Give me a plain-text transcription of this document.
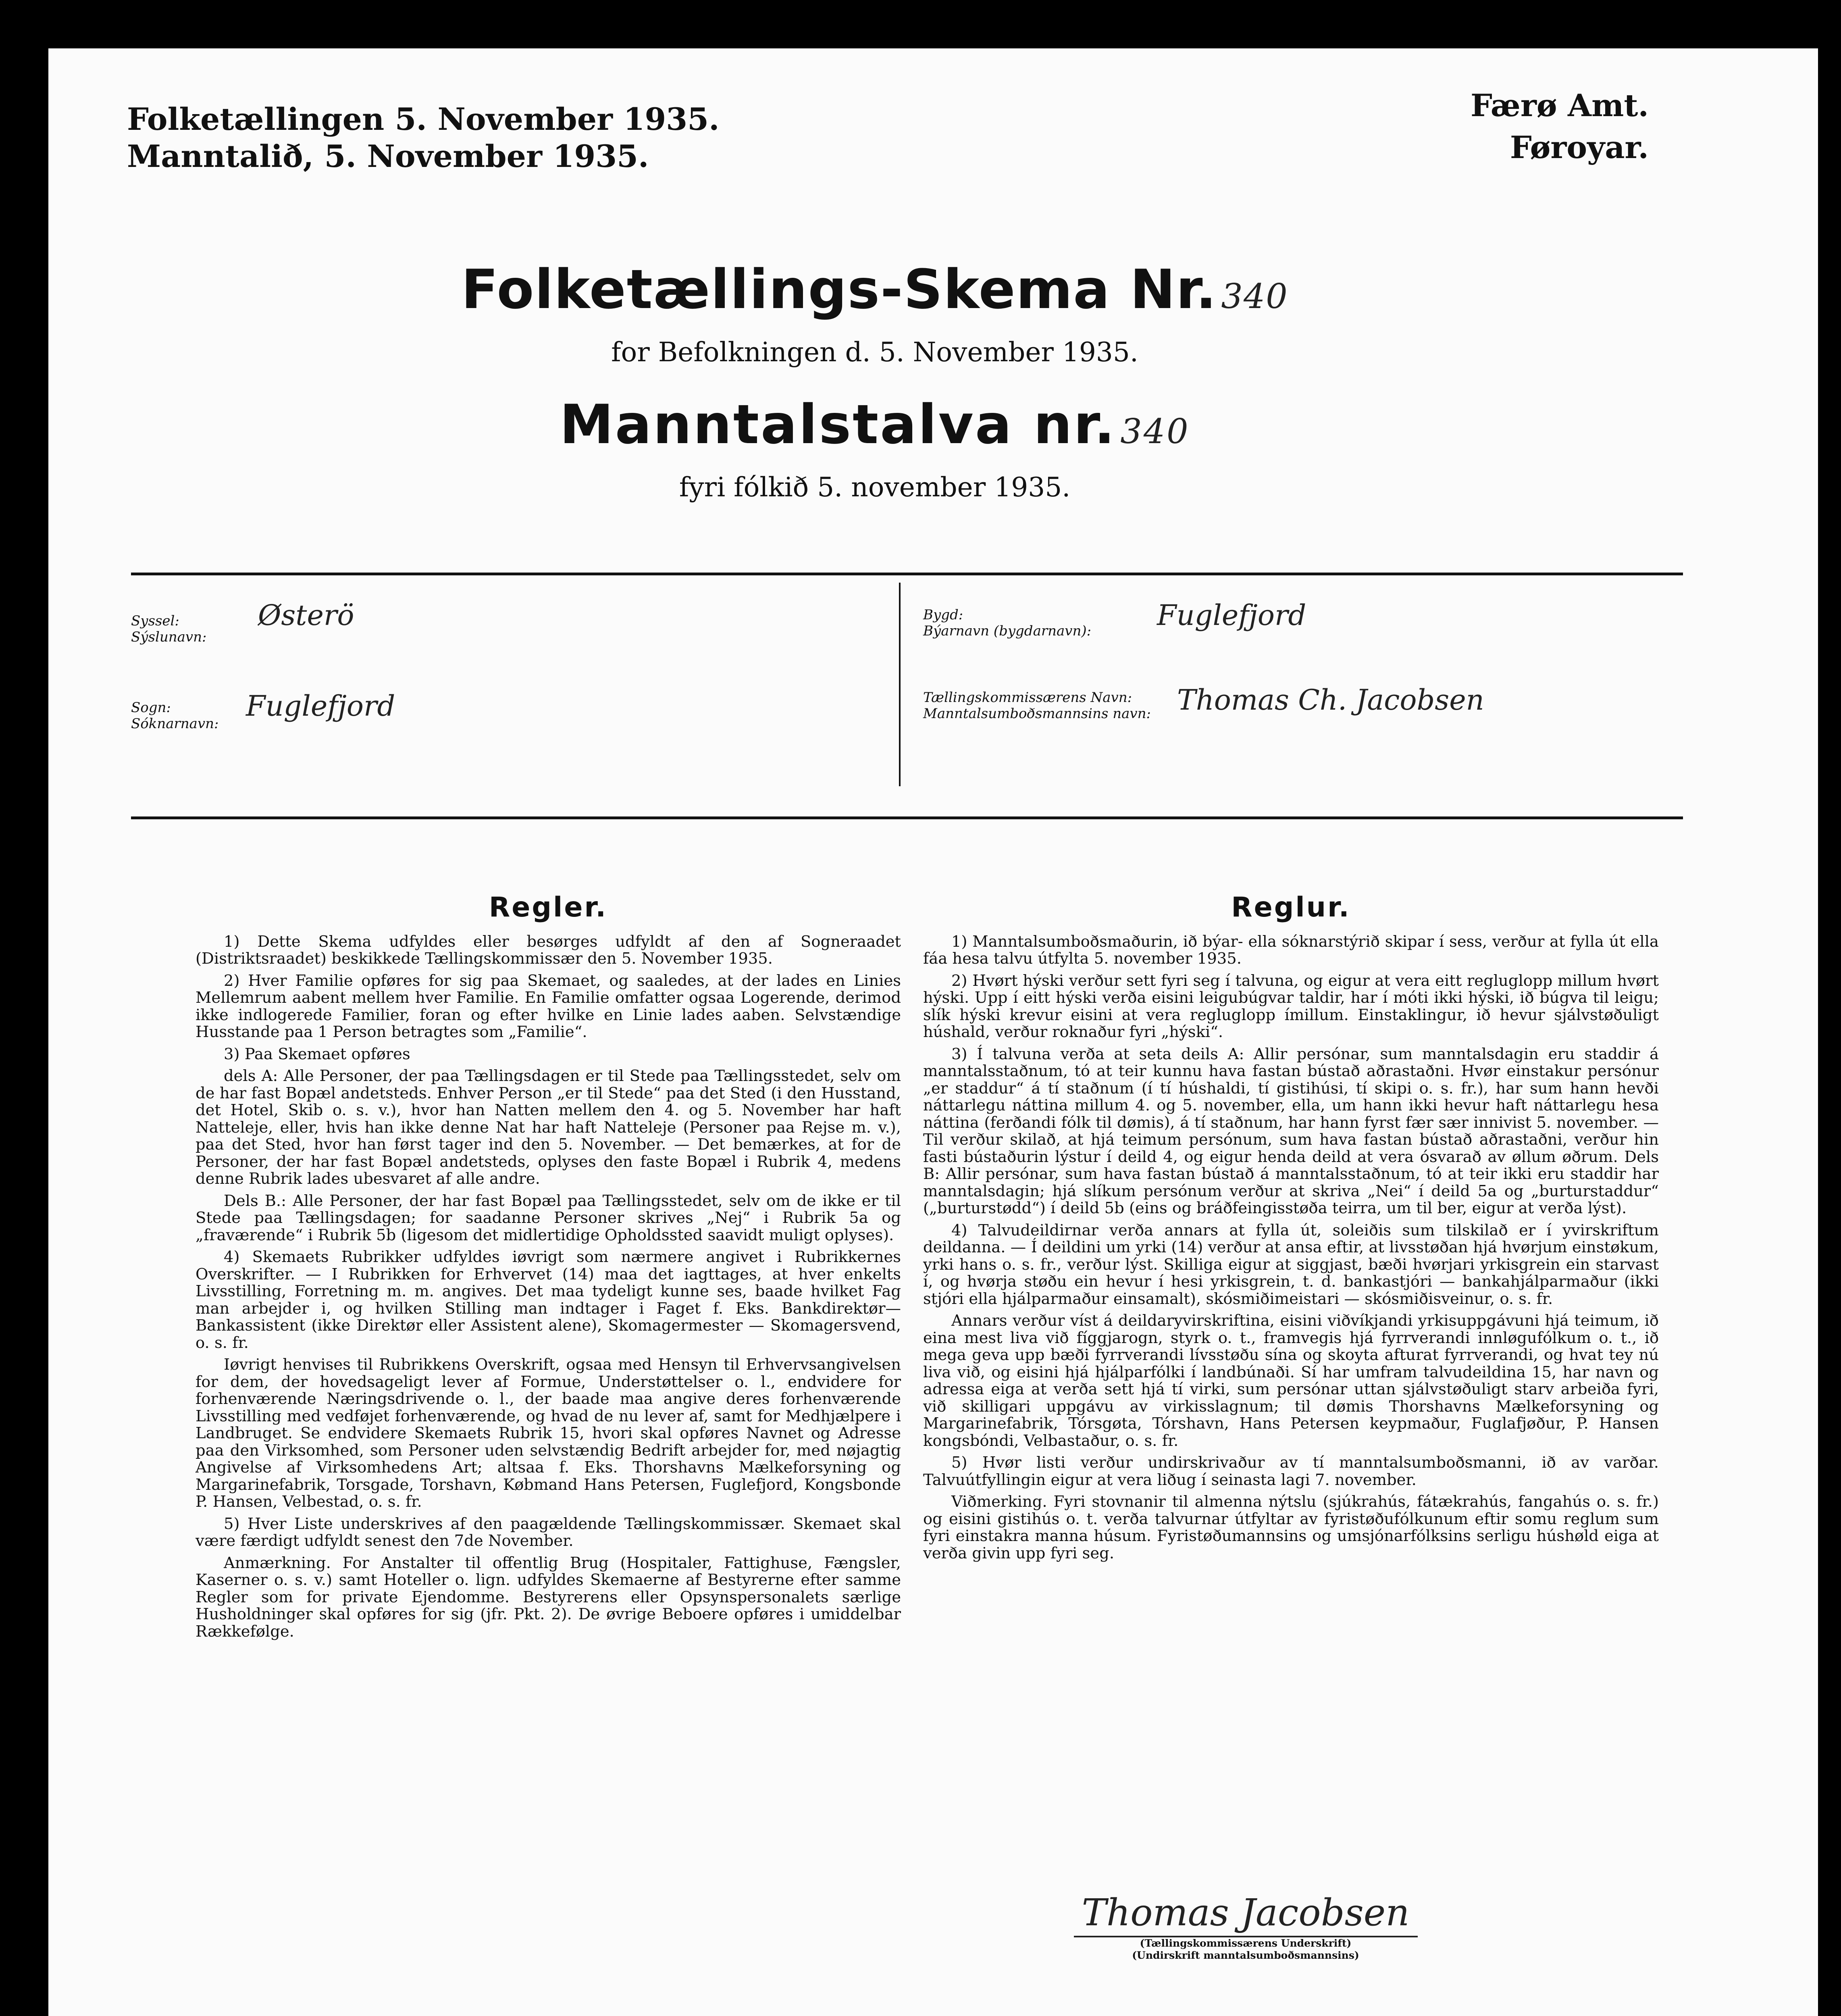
Folketællingen 5. November 1935.
Manntalið, 5. November 1935.
Færø Amt.
Føroyar.
Folketællings-Skema Nr. 340
for Befolkningen d. 5. November 1935.
Manntalstalva nr. 340
fyri fólkið 5. november 1935.
Syssel:
Sýslunavn:
Østerö
Sogn:
Sóknarnavn:
Fuglefjord
Bygd:
Býarnavn (bygdarnavn): Fuglefjord
Tællingskommissærens Navn:
Manntalsumboðsmannsins navn: Thomas Ch. Jacobsen
Regler.

1) Dette Skema udfyldes eller besørges udfyldt af den af Sogneraadet (Distriktsraadet) beskikkede Tællingskommissær den 5. November 1935.

2) Hver Familie opføres for sig paa Skemaet, og saaledes, at der lades en Linies Mellemrum aabent mellem hver Familie. En Familie omfatter ogsaa Logerende, derimod ikke indlogerede Familier, foran og efter hvilke en Linie lades aaben. Selvstændige Husstande paa 1 Person betragtes som „Familie“.

3) Paa Skemaet opføres

dels A: Alle Personer, der paa Tællingsdagen er til Stede paa Tællingsstedet, selv om de har fast Bopæl andetsteds. Enhver Person „er til Stede“ paa det Sted (i den Husstand, det Hotel, Skib o. s. v.), hvor han Natten mellem den 4. og 5. November har haft Natteleje, eller, hvis han ikke denne Nat har haft Natteleje (Personer paa Rejse m. v.), paa det Sted, hvor han først tager ind den 5. November. — Det bemærkes, at for de Personer, der har fast Bopæl andetsteds, oplyses den faste Bopæl i Rubrik 4, medens denne Rubrik lades ubesvaret af alle andre.

Dels B.: Alle Personer, der har fast Bopæl paa Tællingsstedet, selv om de ikke er til Stede paa Tællingsdagen; for saadanne Personer skrives „Nej“ i Rubrik 5a og „fraværende“ i Rubrik 5b (ligesom det midlertidige Opholdssted saavidt muligt oplyses).

4) Skemaets Rubrikker udfyldes iøvrigt som nærmere angivet i Rubrikkernes Overskrifter. — I Rubrikken for Erhvervet (14) maa det iagttages, at hver enkelts Livsstilling, Forretning m. m. angives. Det maa tydeligt kunne ses, baade hvilket Fag man arbejder i, og hvilken Stilling man indtager i Faget f. Eks. Bankdirektør—Bankassistent (ikke Direktør eller Assistent alene), Skomagermester — Skomagersvend, o. s. fr.

Iøvrigt henvises til Rubrikkens Overskrift, ogsaa med Hensyn til Erhvervsangivelsen for dem, der hovedsageligt lever af Formue, Understøttelser o. l., endvidere for forhenværende Næringsdrivende o. l., der baade maa angive deres forhenværende Livsstilling med vedføjet forhenværende, og hvad de nu lever af, samt for Medhjælpere i Landbruget. Se endvidere Skemaets Rubrik 15, hvori skal opføres Navnet og Adresse paa den Virksomhed, som Personer uden selvstændig Bedrift arbejder for, med nøjagtig Angivelse af Virksomhedens Art; altsaa f. Eks. Thorshavns Mælkeforsyning og Margarinefabrik, Torsgade, Torshavn, Købmand Hans Petersen, Fuglefjord, Kongsbonde P. Hansen, Velbestad, o. s. fr.

5) Hver Liste underskrives af den paagældende Tællingskommissær. Skemaet skal være færdigt udfyldt senest den 7de November.

Anmærkning. For Anstalter til offentlig Brug (Hospitaler, Fattighuse, Fængsler, Kaserner o. s. v.) samt Hoteller o. lign. udfyldes Skemaerne af Bestyrerne efter samme Regler som for private Ejendomme. Bestyrerens eller Opsynspersonalets særlige Husholdninger skal opføres for sig (jfr. Pkt. 2). De øvrige Beboere opføres i umiddelbar Rækkefølge.

Reglur.

1) Manntalsumboðsmaðurin, ið býar- ella sóknarstýrið skipar í sess, verður at fylla út ella fáa hesa talvu útfylta 5. november 1935.

2) Hvørt hýski verður sett fyri seg í talvuna, og eigur at vera eitt regluglopp millum hvørt hýski. Upp í eitt hýski verða eisini leigubúgvar taldir, har í móti ikki hýski, ið búgva til leigu; slík hýski krevur eisini at vera regluglopp ímillum. Einstaklingur, ið hevur sjálvstøðuligt húshald, verður roknaður fyri „hýski“.

3) Í talvuna verða at seta deils A: Allir persónar, sum manntalsdagin eru staddir á manntalsstaðnum, tó at teir kunnu hava fastan bústað aðrastaðni. Hvør einstakur persónur „er staddur“ á tí staðnum (í tí húshaldi, tí gistihúsi, tí skipi o. s. fr.), har sum hann hevði náttarlegu náttina millum 4. og 5. november, ella, um hann ikki hevur haft náttarlegu hesa náttina (ferðandi fólk til dømis), á tí staðnum, har hann fyrst fær sær innivist 5. november. — Til verður skilað, at hjá teimum persónum, sum hava fastan bústað aðrastaðni, verður hin fasti bústaðurin lýstur í deild 4, og eigur henda deild at vera ósvarað av øllum øðrum. Dels B: Allir persónar, sum hava fastan bústað á manntalsstaðnum, tó at teir ikki eru staddir har manntalsdagin; hjá slíkum persónum verður at skriva „Nei“ í deild 5a og „burturstaddur“ („burturstødd“) í deild 5b (eins og bráðfeingisstøða teirra, um til ber, eigur at verða lýst).

4) Talvudeildirnar verða annars at fylla út, soleiðis sum tilskilað er í yvirskriftum deildanna. — Í deildini um yrki (14) verður at ansa eftir, at livsstøðan hjá hvørjum einstøkum, yrki hans o. s. fr., verður lýst. Skilliga eigur at siggjast, bæði hvørjari yrkisgrein ein starvast í, og hvørja støðu ein hevur í hesi yrkisgrein, t. d. bankastjóri — bankahjálparmaður (ikki stjóri ella hjálparmaður einsamalt), skósmiðimeistari — skósmiðisveinur, o. s. fr.

Annars verður víst á deildaryvirskriftina, eisini viðvíkjandi yrkisuppgávuni hjá teimum, ið eina mest liva við fíggjarogn, styrk o. t., framvegis hjá fyrrverandi innløgufólkum o. t., ið mega geva upp bæði fyrrverandi lívsstøðu sína og skoyta afturat fyrrverandi, og hvat tey nú liva við, og eisini hjá hjálparfólki í landbúnaði. Sí har umfram talvudeildina 15, har navn og adressa eiga at verða sett hjá tí virki, sum persónar uttan sjálvstøðuligt starv arbeiða fyri, við skilligari uppgávu av virkisslagnum; til dømis Thorshavns Mælkeforsyning og Margarinefabrik, Tórsgøta, Tórshavn, Hans Petersen keypmaður, Fuglafjøður, P. Hansen kongsbóndi, Velbastaður, o. s. fr.

5) Hvør listi verður undirskrivaður av tí manntalsumboðsmanni, ið av varðar. Talvuútfyllingin eigur at vera liðug í seinasta lagi 7. november.

Viðmerking. Fyri stovnanir til almenna nýtslu (sjúkrahús, fátækrahús, fangahús o. s. fr.) og eisini gistihús o. t. verða talvurnar útfyltar av fyristøðufólkunum eftir somu reglum sum fyri einstakra manna húsum. Fyristøðumannsins og umsjónarfólksins serligu húshøld eiga at verða givin upp fyri seg.

Thomas Jacobsen
(Tællingskommissærens Underskrift)
(Undirskrift manntalsumboðsmannsins)
